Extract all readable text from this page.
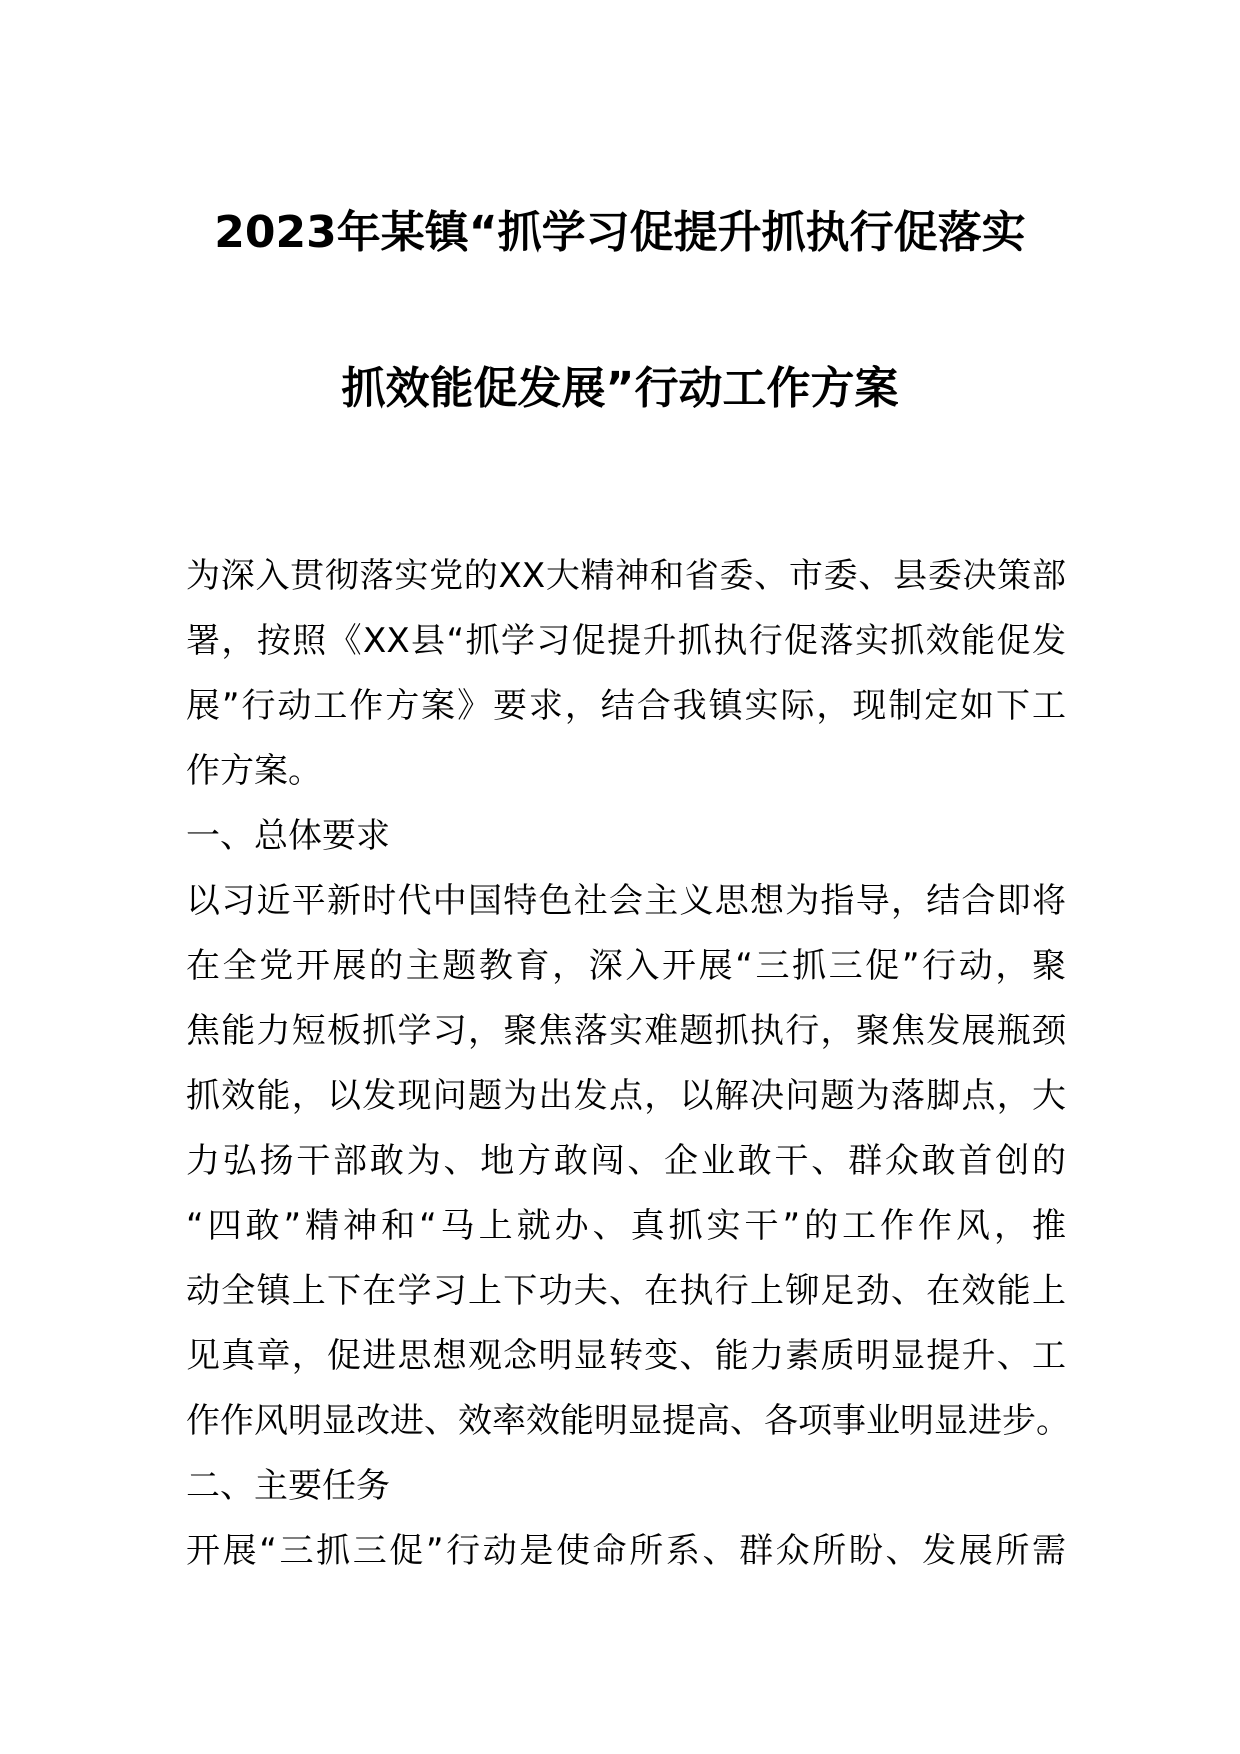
2023年某镇“抓学习促提升抓执行促落实
抓效能促发展”行动工作方案
为深入贯彻落实党的XX大精神和省委、市委、县委决策部
署，按照《XX县“抓学习促提升抓执行促落实抓效能促发
展”行动工作方案》要求，结合我镇实际，现制定如下工
作方案。
一、总体要求
以习近平新时代中国特色社会主义思想为指导，结合即将
在全党开展的主题教育，深入开展“三抓三促”行动，聚
焦能力短板抓学习，聚焦落实难题抓执行，聚焦发展瓶颈
抓效能，以发现问题为出发点，以解决问题为落脚点，大
力弘扬干部敢为、地方敢闯、企业敢干、群众敢首创的
“四敢”精神和“马上就办、真抓实干”的工作作风，推
动全镇上下在学习上下功夫、在执行上铆足劲、在效能上
见真章，促进思想观念明显转变、能力素质明显提升、工
作作风明显改进、效率效能明显提高、各项事业明显进步。
二、主要任务
开展“三抓三促”行动是使命所系、群众所盼、发展所需
